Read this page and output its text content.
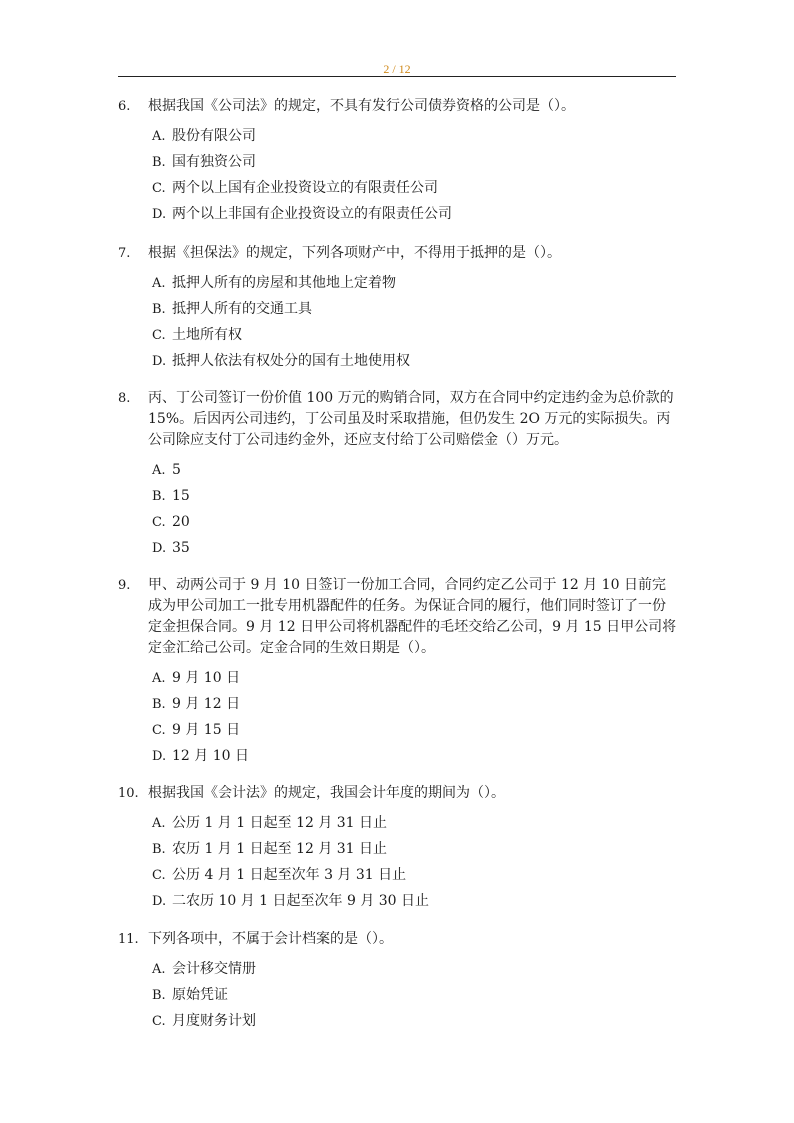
2 / 12
6. 根据我国《公司法》的规定，不具有发行公司债券资格的公司是（）。
A. 股份有限公司
B. 国有独资公司
C. 两个以上国有企业投资设立的有限责任公司
D. 两个以上非国有企业投资设立的有限责任公司
7. 根据《担保法》的规定，下列各项财产中，不得用于抵押的是（）。
A. 抵押人所有的房屋和其他地上定着物
B. 抵押人所有的交通工具
C. 土地所有权
D. 抵押人依法有权处分的国有土地使用权
8. 丙、丁公司签订一份价值 100 万元的购销合同，双方在合同中约定违约金为总价款的 15%。后因丙公司违约，丁公司虽及时采取措施，但仍发生 2O 万元的实际损失。丙公司除应支付丁公司违约金外，还应支付给丁公司赔偿金（）万元。
A. 5
B. 15
C. 20
D. 35
9. 甲、动两公司于 9 月 10 日签订一份加工合同，合同约定乙公司于 12 月 10 日前完成为甲公司加工一批专用机器配件的任务。为保证合同的履行，他们同时签订了一份定金担保合同。9 月 12 日甲公司将机器配件的毛坯交给乙公司，9 月 15 日甲公司将定金汇给己公司。定金合同的生效日期是（）。
A. 9 月 10 日
B. 9 月 12 日
C. 9 月 15 日
D. 12 月 10 日
10. 根据我国《会计法》的规定，我国会计年度的期间为（）。
A. 公历 1 月 1 日起至 12 月 31 日止
B. 农历 1 月 1 日起至 12 月 31 日止
C. 公历 4 月 1 日起至次年 3 月 31 日止
D. 二农历 10 月 1 日起至次年 9 月 30 日止
11. 下列各项中，不属于会计档案的是（）。
A. 会计移交情册
B. 原始凭证
C. 月度财务计划
